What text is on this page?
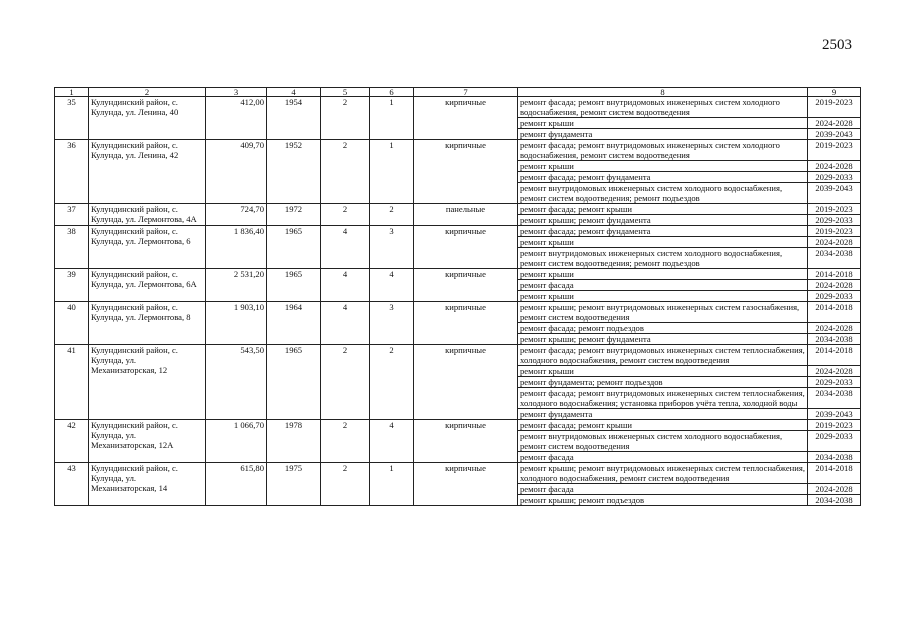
2503
1	2	3	4	5	6	7	8	9
35	Кулундинский район, с. Кулунда, ул. Ленина, 40	412,00	1954	2	1	кирпичные	ремонт фасада; ремонт внутридомовых инженерных систем холодного водоснабжения, ремонт систем водоотведения	2019-2023
							ремонт крыши	2024-2028
							ремонт фундамента	2039-2043
36	Кулундинский район, с. Кулунда, ул. Ленина, 42	409,70	1952	2	1	кирпичные	ремонт фасада; ремонт внутридомовых инженерных систем холодного водоснабжения, ремонт систем водоотведения	2019-2023
							ремонт крыши	2024-2028
							ремонт фасада; ремонт фундамента	2029-2033
							ремонт внутридомовых инженерных систем холодного водоснабжения, ремонт систем водоотведения; ремонт подъездов	2039-2043
37	Кулундинский район, с. Кулунда, ул. Лермонтова, 4А	724,70	1972	2	2	панельные	ремонт фасада; ремонт крыши	2019-2023
							ремонт крыши; ремонт фундамента	2029-2033
38	Кулундинский район, с. Кулунда, ул. Лермонтова, 6	1 836,40	1965	4	3	кирпичные	ремонт фасада; ремонт фундамента	2019-2023
							ремонт крыши	2024-2028
							ремонт внутридомовых инженерных систем холодного водоснабжения, ремонт систем водоотведения; ремонт подъездов	2034-2038
39	Кулундинский район, с. Кулунда, ул. Лермонтова, 6А	2 531,20	1965	4	4	кирпичные	ремонт крыши	2014-2018
							ремонт фасада	2024-2028
							ремонт крыши	2029-2033
40	Кулундинский район, с. Кулунда, ул. Лермонтова, 8	1 903,10	1964	4	3	кирпичные	ремонт крыши; ремонт внутридомовых инженерных систем газоснабжения, ремонт систем водоотведения	2014-2018
							ремонт фасада; ремонт подъездов	2024-2028
							ремонт крыши; ремонт фундамента	2034-2038
41	Кулундинский район, с. Кулунда, ул. Механизаторская, 12	543,50	1965	2	2	кирпичные	ремонт фасада; ремонт внутридомовых инженерных систем теплоснабжения, холодного водоснабжения, ремонт систем водоотведения	2014-2018
							ремонт крыши	2024-2028
							ремонт фундамента; ремонт подъездов	2029-2033
							ремонт фасада; ремонт внутридомовых инженерных систем теплоснабжения, холодного водоснабжения; установка приборов учёта тепла, холодной воды	2034-2038
							ремонт фундамента	2039-2043
42	Кулундинский район, с. Кулунда, ул. Механизаторская, 12А	1 066,70	1978	2	4	кирпичные	ремонт фасада; ремонт крыши	2019-2023
							ремонт внутридомовых инженерных систем холодного водоснабжения, ремонт систем водоотведения	2029-2033
							ремонт фасада	2034-2038
43	Кулундинский район, с. Кулунда, ул. Механизаторская, 14	615,80	1975	2	1	кирпичные	ремонт крыши; ремонт внутридомовых инженерных систем теплоснабжения, холодного водоснабжения, ремонт систем водоотведения	2014-2018
							ремонт фасада	2024-2028
							ремонт крыши; ремонт подъездов	2034-2038
